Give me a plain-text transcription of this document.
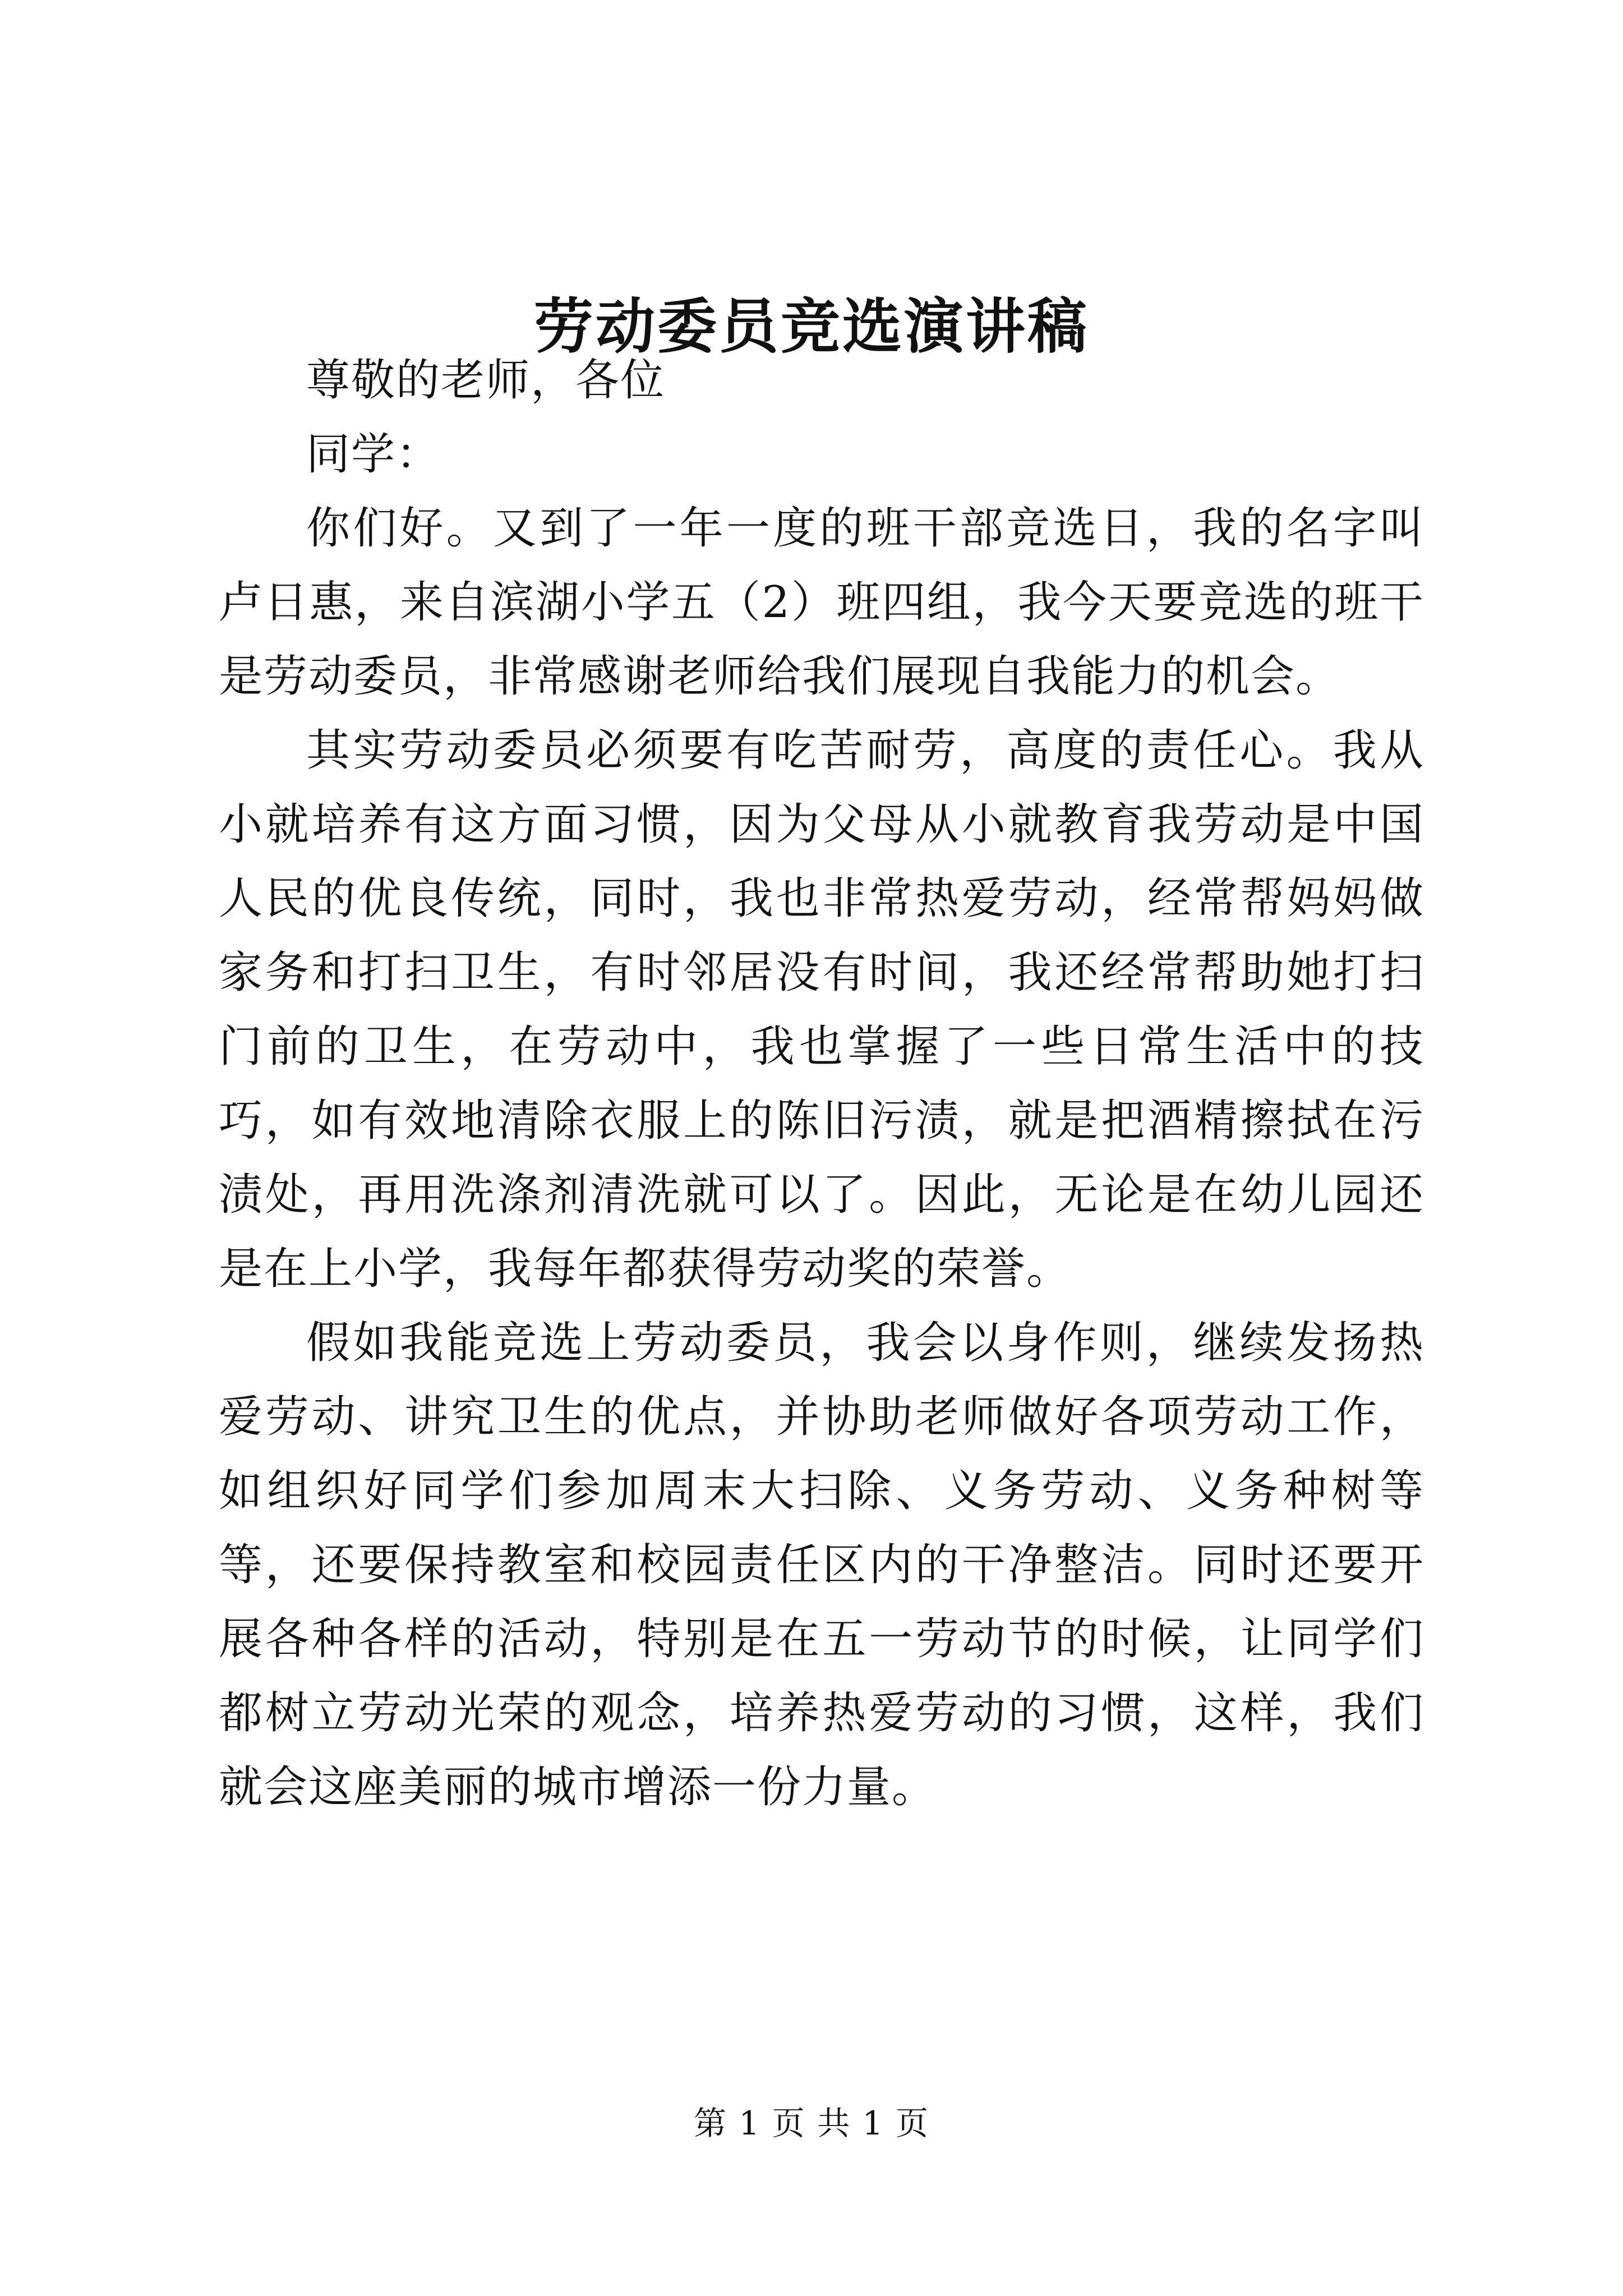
劳动委员竞选演讲稿

尊敬的老师，各位

同学：

你们好。又到了一年一度的班干部竞选日，我的名字叫卢日惠，来自滨湖小学五（2）班四组，我今天要竞选的班干是劳动委员，非常感谢老师给我们展现自我能力的机会。

其实劳动委员必须要有吃苦耐劳，高度的责任心。我从小就培养有这方面习惯，因为父母从小就教育我劳动是中国人民的优良传统，同时，我也非常热爱劳动，经常帮妈妈做家务和打扫卫生，有时邻居没有时间，我还经常帮助她打扫门前的卫生，在劳动中，我也掌握了一些日常生活中的技巧，如有效地清除衣服上的陈旧污渍，就是把酒精擦拭在污渍处，再用洗涤剂清洗就可以了。因此，无论是在幼儿园还是在上小学，我每年都获得劳动奖的荣誉。

假如我能竞选上劳动委员，我会以身作则，继续发扬热爱劳动、讲究卫生的优点，并协助老师做好各项劳动工作，如组织好同学们参加周末大扫除、义务劳动、义务种树等等，还要保持教室和校园责任区内的干净整洁。同时还要开展各种各样的活动，特别是在五一劳动节的时候，让同学们都树立劳动光荣的观念，培养热爱劳动的习惯，这样，我们就会这座美丽的城市增添一份力量。

第 1 页 共 1 页
